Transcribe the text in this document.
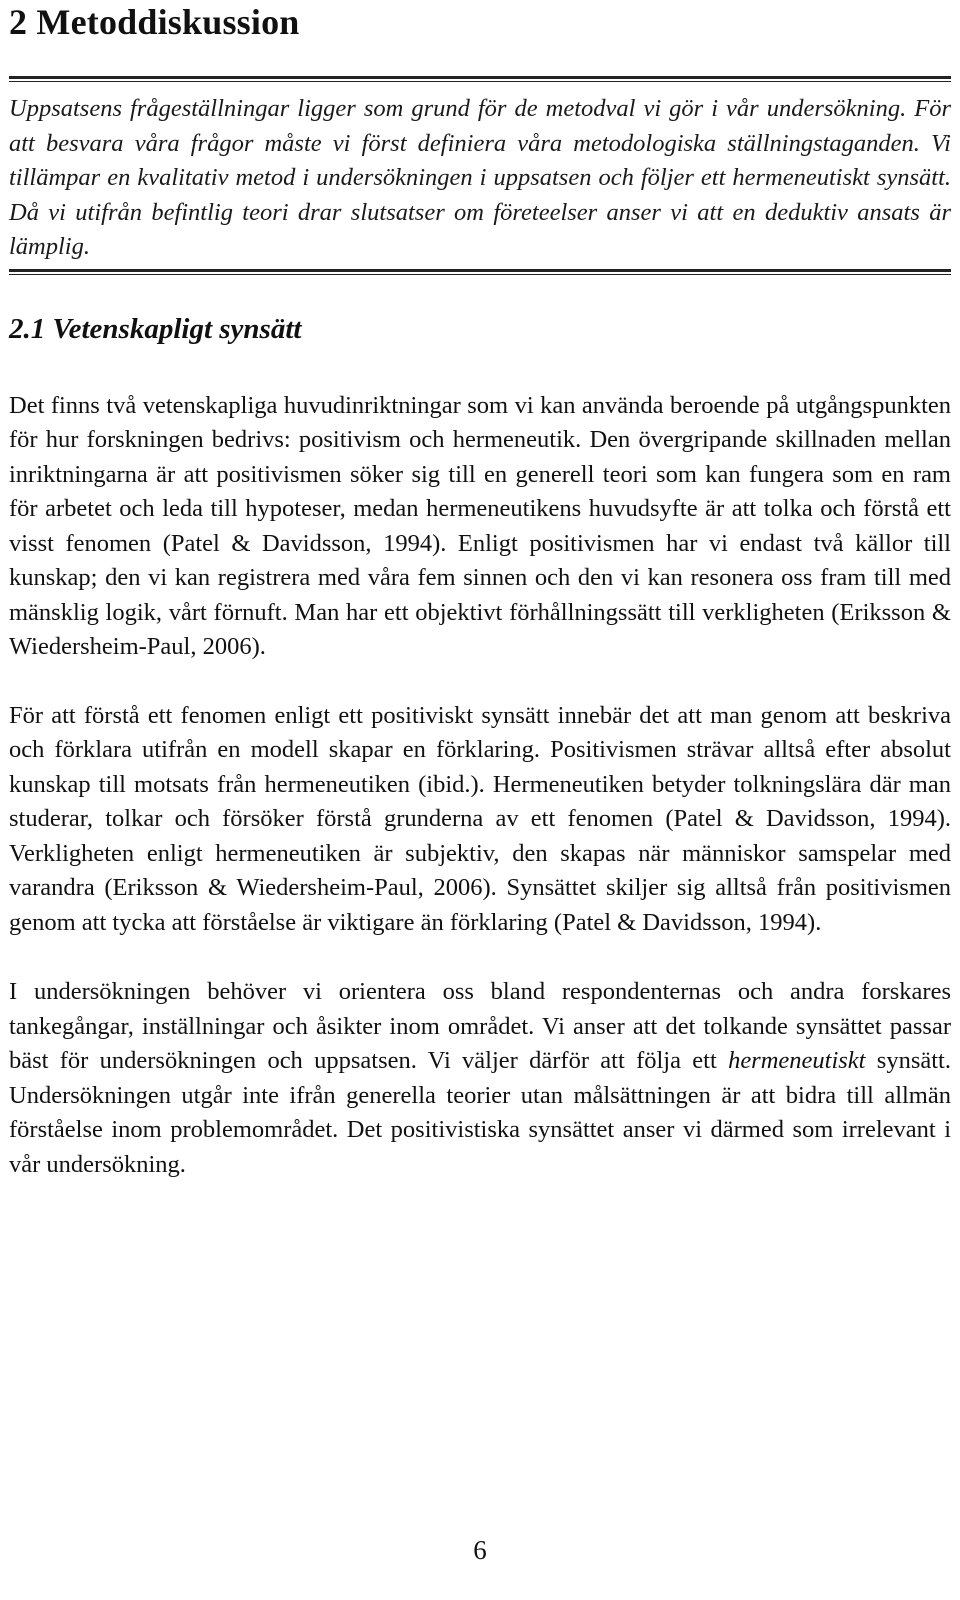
2 Metoddiskussion

Uppsatsens frågeställningar ligger som grund för de metodval vi gör i vår undersökning. För att besvara våra frågor måste vi först definiera våra metodologiska ställningstaganden. Vi tillämpar en kvalitativ metod i undersökningen i uppsatsen och följer ett hermeneutiskt synsätt. Då vi utifrån befintlig teori drar slutsatser om företeelser anser vi att en deduktiv ansats är lämplig.

2.1 Vetenskapligt synsätt

Det finns två vetenskapliga huvudinriktningar som vi kan använda beroende på utgångspunkten för hur forskningen bedrivs: positivism och hermeneutik. Den övergripande skillnaden mellan inriktningarna är att positivismen söker sig till en generell teori som kan fungera som en ram för arbetet och leda till hypoteser, medan hermeneutikens huvudsyfte är att tolka och förstå ett visst fenomen (Patel & Davidsson, 1994). Enligt positivismen har vi endast två källor till kunskap; den vi kan registrera med våra fem sinnen och den vi kan resonera oss fram till med mänsklig logik, vårt förnuft. Man har ett objektivt förhållningssätt till verkligheten (Eriksson & Wiedersheim-Paul, 2006).

För att förstå ett fenomen enligt ett positiviskt synsätt innebär det att man genom att beskriva och förklara utifrån en modell skapar en förklaring. Positivismen strävar alltså efter absolut kunskap till motsats från hermeneutiken (ibid.). Hermeneutiken betyder tolkningslära där man studerar, tolkar och försöker förstå grunderna av ett fenomen (Patel & Davidsson, 1994). Verkligheten enligt hermeneutiken är subjektiv, den skapas när människor samspelar med varandra (Eriksson & Wiedersheim-Paul, 2006). Synsättet skiljer sig alltså från positivismen genom att tycka att förståelse är viktigare än förklaring (Patel & Davidsson, 1994).

I undersökningen behöver vi orientera oss bland respondenternas och andra forskares tankegångar, inställningar och åsikter inom området. Vi anser att det tolkande synsättet passar bäst för undersökningen och uppsatsen. Vi väljer därför att följa ett hermeneutiskt synsätt. Undersökningen utgår inte ifrån generella teorier utan målsättningen är att bidra till allmän förståelse inom problemområdet. Det positivistiska synsättet anser vi därmed som irrelevant i vår undersökning.

6
